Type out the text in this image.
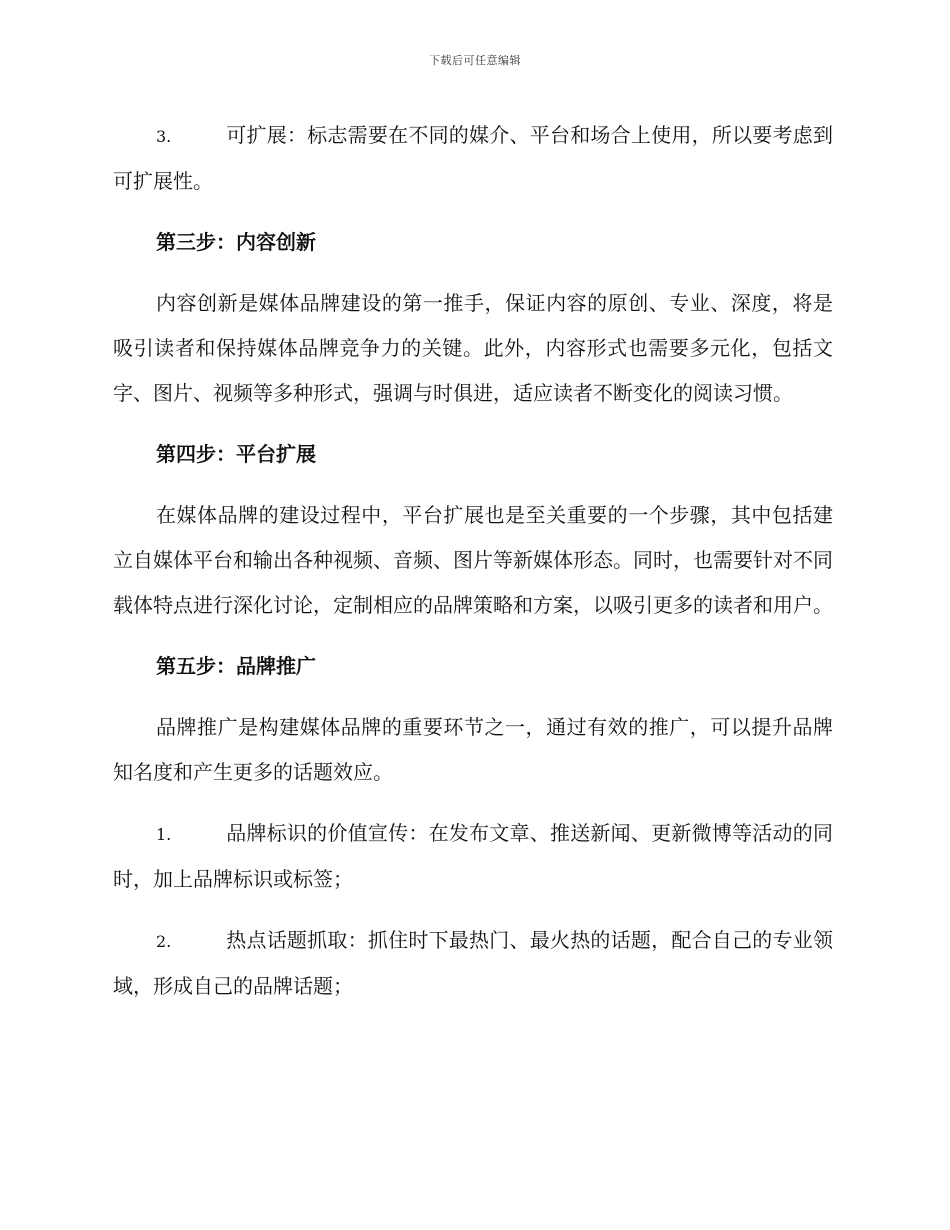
下载后可任意编辑

3.	可扩展：标志需要在不同的媒介、平台和场合上使用，所以要考虑到可扩展性。

第三步：内容创新

内容创新是媒体品牌建设的第一推手，保证内容的原创、专业、深度，将是吸引读者和保持媒体品牌竞争力的关键。此外，内容形式也需要多元化，包括文字、图片、视频等多种形式，强调与时俱进，适应读者不断变化的阅读习惯。

第四步：平台扩展

在媒体品牌的建设过程中，平台扩展也是至关重要的一个步骤，其中包括建立自媒体平台和输出各种视频、音频、图片等新媒体形态。同时，也需要针对不同载体特点进行深化讨论，定制相应的品牌策略和方案，以吸引更多的读者和用户。

第五步：品牌推广

品牌推广是构建媒体品牌的重要环节之一，通过有效的推广，可以提升品牌知名度和产生更多的话题效应。

1.	品牌标识的价值宣传：在发布文章、推送新闻、更新微博等活动的同时，加上品牌标识或标签；

2.	热点话题抓取：抓住时下最热门、最火热的话题，配合自己的专业领域，形成自己的品牌话题；
